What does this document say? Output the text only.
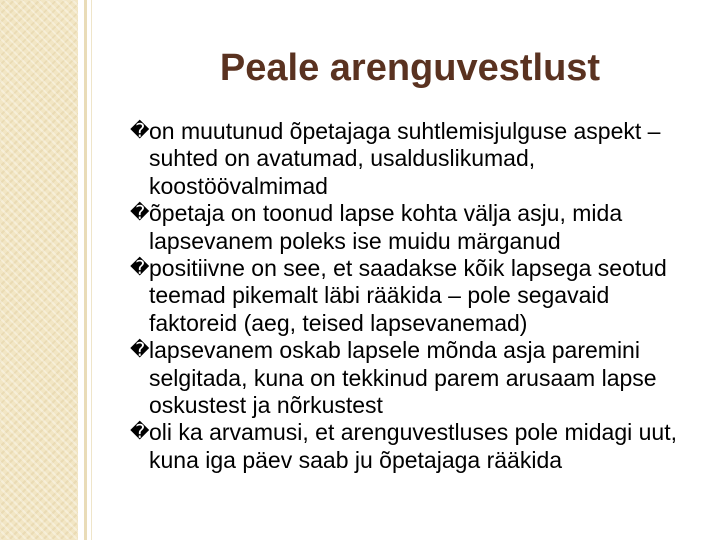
Peale arenguvestlust
� on muutunud õpetajaga suhtlemisjulguse aspekt – suhted on avatumad, usalduslikumad, koostöövalmimad
� õpetaja on toonud lapse kohta välja asju, mida lapsevanem poleks ise muidu märganud
� positiivne on see, et saadakse kõik lapsega seotud teemad pikemalt läbi rääkida – pole segavaid faktoreid (aeg, teised lapsevanemad)
� lapsevanem oskab lapsele mõnda asja paremini selgitada, kuna on tekkinud parem arusaam lapse oskustest ja nõrkustest
� oli ka arvamusi, et arenguvestluses pole midagi uut, kuna iga päev saab ju õpetajaga rääkida
